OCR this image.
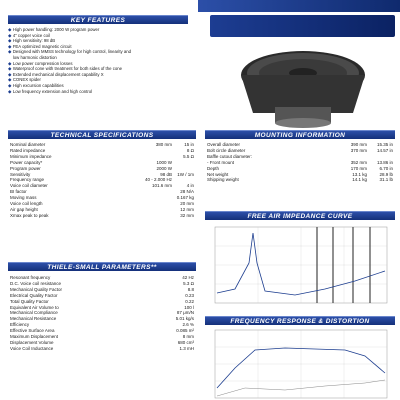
KEY FEATURES
◆ High power handling: 2000 W program power
◆ 4" copper voice coil
◆ High sensitivity: 98 dB
◆ FEA optimized magnetic circuit
◆ Designed with MMSS technology for high control, linearity and
low harmonic distortion
◆ Low power compression losses
◆ Waterproof cone with treatment for both sides of the cone
◆ Extended mechanical displacement capability X
◆ CONEX spider
◆ High excursion capabilities
◆ Low frequency extension and high control
TECHNICAL SPECIFICATIONS
Nominal diameter	380 mm	15 in
Rated impedance	8 Ω
Minimum impedance	5.5 Ω
Power capacity*	1000 W
Program power	2000 W
Sensitivity	98 dB	1W / 1m
Frequency range	40 - 2.000 Hz
Voice coil diameter	101.6 mm	4 in
BI factor	28 N/A
Moving mass	0.167 kg
Voice coil length	20 mm
Air gap height	12 mm
Xmax peak to peak	32 mm
MOUNTING INFORMATION
Overall diameter	390 mm	15.35 in
Bolt circle diameter	370 mm	14.57 in
Baffle cutout diameter:
- Front mount	352 mm	13.86 in
Depth	170 mm	6.70 in
Net weight	13.1 kg	28.9 lb
Shipping weight	14.1 kg	31.1 lb
FREE AIR IMPEDANCE CURVE
THIELE-SMALL PARAMETERS**
Resonant frequency	42 Hz
D.C. Voice coil resistance	5.3 Ω
Mechanical Quality Factor	8.8
Electrical Quality Factor	0.23
Total Quality Factor	0.22
Equivalent Air Volume to	100 l
Mechanical Compliance	87 μm/N
Mechanical Resistance	5.01 kg/s
Efficiency	2.6 %
Effective Surface Area	0.085 m²
Maximum Displacement	8 mm
Displacement Volume	680 cm³
Voice Coil Inductance	1.3 mH
FREQUENCY RESPONSE & DISTORTION
